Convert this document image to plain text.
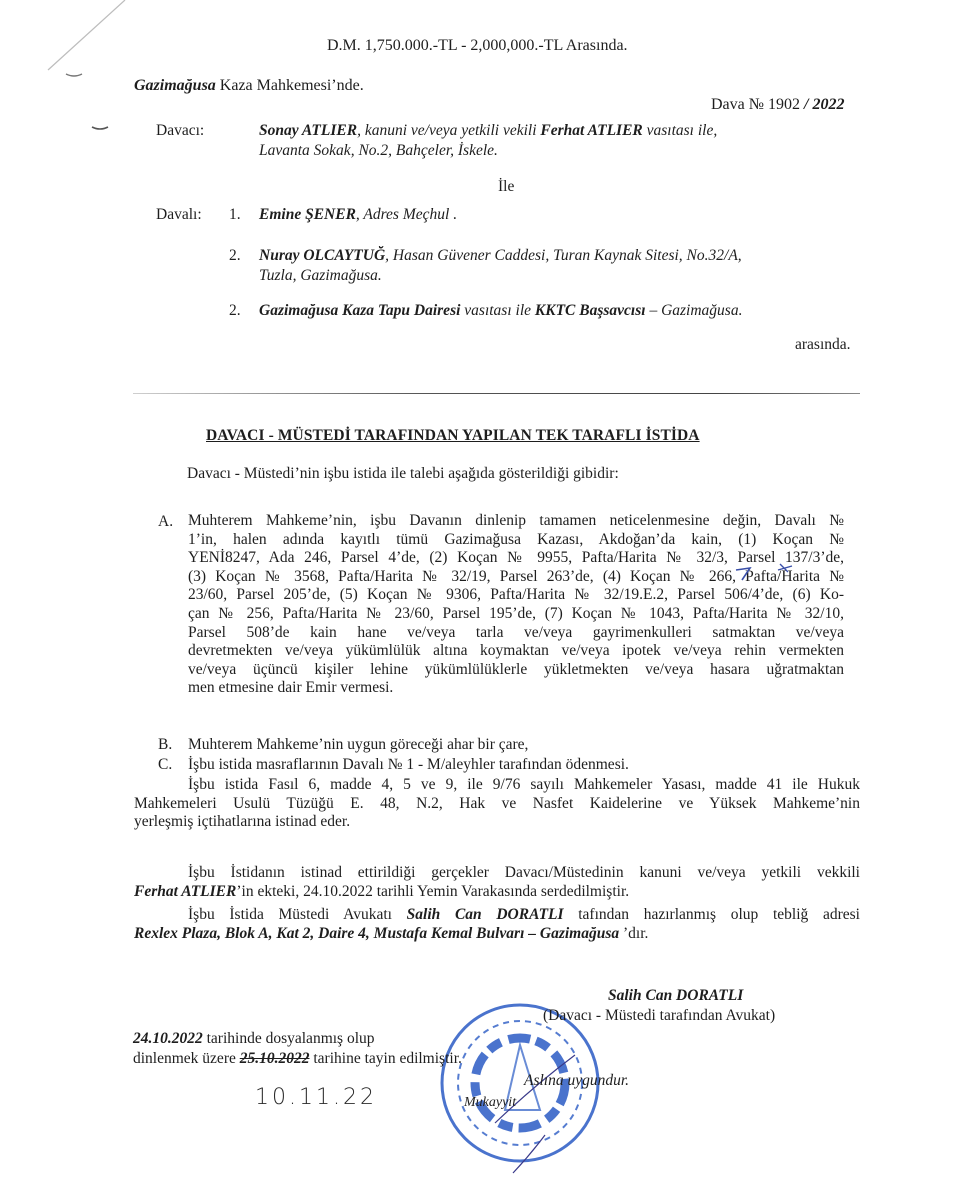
D.M. 1,750.000.-TL - 2,000,000.-TL Arasında.
Gazimağusa Kaza Mahkemesi’nde.
Dava № 1902 / 2022
Davacı:	Sonay ATLIER, kanuni ve/veya yetkili vekili Ferhat ATLIER vasıtası ile,
Lavanta Sokak, No.2, Bahçeler, İskele.
İle
Davalı: 1. Emine ŞENER, Adres Meçhul .
2. Nuray OLCAYTUĞ, Hasan Güvener Caddesi, Turan Kaynak Sitesi, No.32/A,
Tuzla, Gazimağusa.
2. Gazimağusa Kaza Tapu Dairesi vasıtası ile KKTC Başsavcısı – Gazimağusa.
arasında.
DAVACI - MÜSTEDİ TARAFINDAN YAPILAN TEK TARAFLI İSTİDA
Davacı - Müstedi’nin işbu istida ile talebi aşağıda gösterildiği gibidir:
A. Muhterem Mahkeme’nin, işbu Davanın dinlenip tamamen neticelenmesine değin, Davalı №
1’in, halen adında kayıtlı tümü Gazimağusa Kazası, Akdoğan’da kain, (1) Koçan №
YENİ8247, Ada 246, Parsel 4’de, (2) Koçan № 9955, Pafta/Harita № 32/3, Parsel 137/3’de,
(3) Koçan № 3568, Pafta/Harita № 32/19, Parsel 263’de, (4) Koçan № 266, Pafta/Harita №
23/60, Parsel 205’de, (5) Koçan № 9306, Pafta/Harita № 32/19.E.2, Parsel 506/4’de, (6) Ko-
çan № 256, Pafta/Harita № 23/60, Parsel 195’de, (7) Koçan № 1043, Pafta/Harita № 32/10,
Parsel 508’de kain hane ve/veya tarla ve/veya gayrimenkulleri satmaktan ve/veya
devretmekten ve/veya yükümlülük altına koymaktan ve/veya ipotek ve/veya rehin vermekten
ve/veya üçüncü kişiler lehine yükümlülüklerle yükletmekten ve/veya hasara uğratmaktan
men etmesine dair Emir vermesi.
B. Muhterem Mahkeme’nin uygun göreceği ahar bir çare,
C. İşbu istida masraflarının Davalı № 1 - M/aleyhler tarafından ödenmesi.
İşbu istida Fasıl 6, madde 4, 5 ve 9, ile 9/76 sayılı Mahkemeler Yasası, madde 41 ile Hukuk
Mahkemeleri Usulü Tüzüğü E. 48, N.2, Hak ve Nasfet Kaidelerine ve Yüksek Mahkeme’nin
yerleşmiş içtihatlarına istinad eder.
İşbu İstidanın istinad ettirildiği gerçekler Davacı/Müstedinin kanuni ve/veya yetkili vekkili
Ferhat ATLIER’in ekteki, 24.10.2022 tarihli Yemin Varakasında serdedilmiştir.
İşbu İstida Müstedi Avukatı Salih Can DORATLI tafından hazırlanmış olup tebliğ adresi
Rexlex Plaza, Blok A, Kat 2, Daire 4, Mustafa Kemal Bulvarı – Gazimağusa ’dır.
Salih Can DORATLI
(Davacı - Müstedi tarafından Avukat)
24.10.2022 tarihinde dosyalanmış olup
dinlenmek üzere 25.10.2022 tarihine tayin edilmiştir.
Aslına uygundur.
Mukayyit
10.11.22
